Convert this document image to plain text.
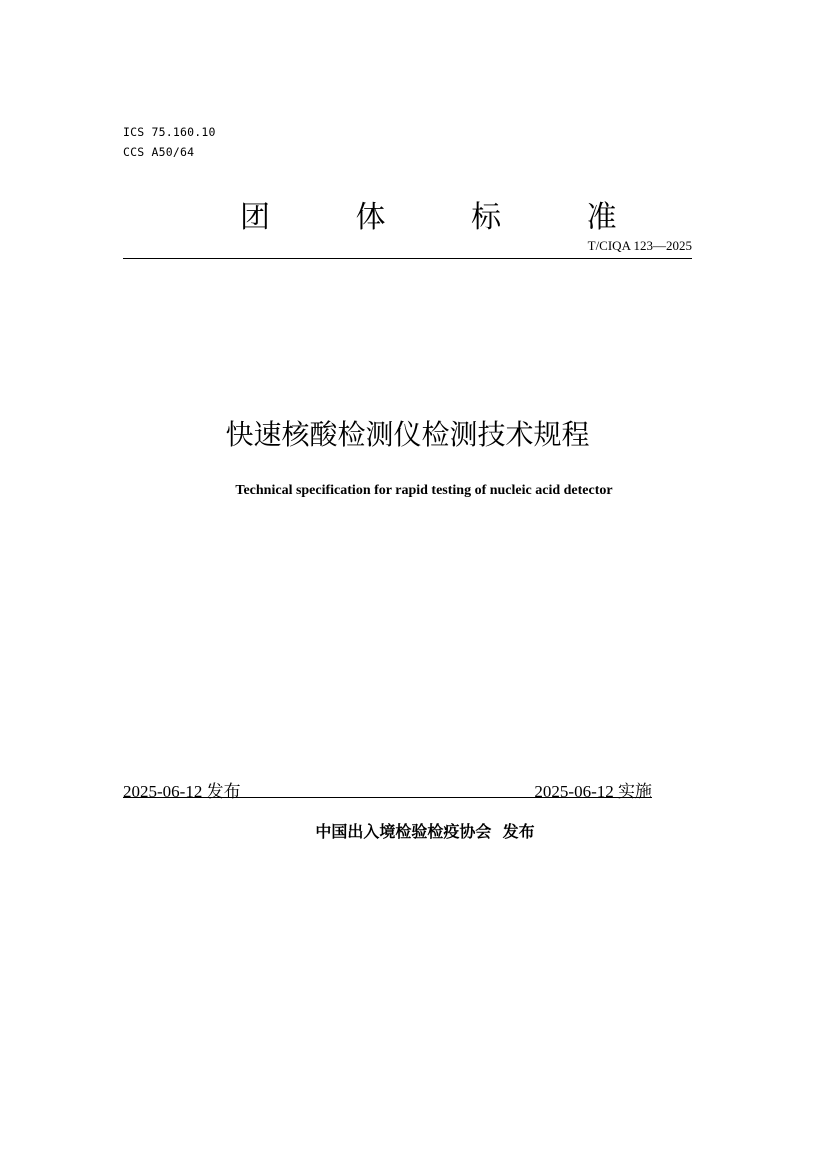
ICS 75.160.10
CCS A50/64
团 体 标 准
T/CIQA 123—2025
快速核酸检测仪检测技术规程
Technical specification for rapid testing of nucleic acid detector
2025-06-12 发布	2025-06-12 实施
中国出入境检验检疫协会  发布
